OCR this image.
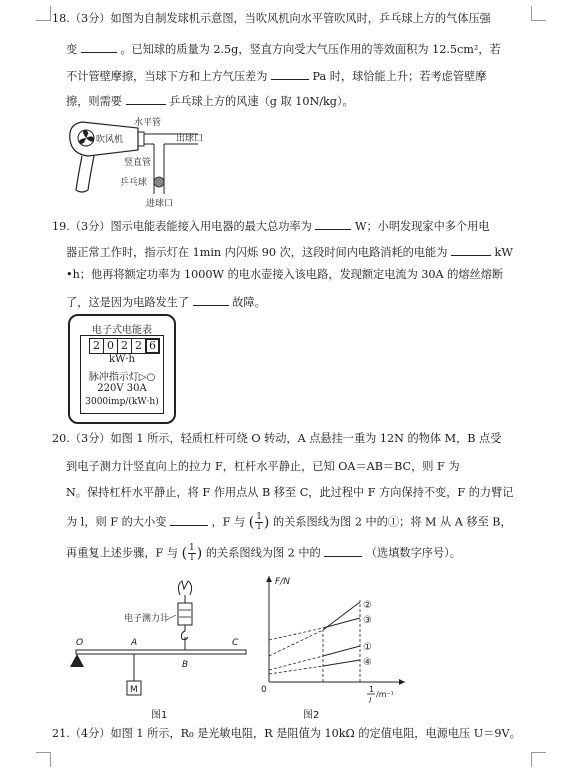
18.（3分）如图为自制发球机示意图，当吹风机向水平管吹风时，乒乓球上方的气体压强
变	。已知球的质量为 2.5g，竖直方向受大气压作用的等效面积为 12.5cm²，若
不计管壁摩擦，当球下方和上方气压差为	Pa 时，球恰能上升；若考虑管壁摩
擦，则需要	乒乓球上方的风速（g 取 10N/kg）。
水平管
吹风机	出球口
竖直管
乒乓球
进球口
19.（3分）图示电能表能接入用电器的最大总功率为	W；小明发现家中多个用电
器正常工作时，指示灯在 1min 内闪烁 90 次，这段时间内电路消耗的电能为	kW
•h；他再将额定功率为 1000W 的电水壶接入该电路，发现额定电流为 30A 的熔丝熔断
了，这是因为电路发生了	故障。
电子式电能表
2 0 2 2 6
kW·h
脉冲指示灯▷○
220V 30A
3000imp/(kW·h)
20.（3分）如图 1 所示，轻质杠杆可绕 O 转动，A 点悬挂一重为 12N 的物体 M，B 点受
到电子测力计竖直向上的拉力 F，杠杆水平静止，已知 OA＝AB＝BC，则 F 为
N。保持杠杆水平静止，将 F 作用点从 B 移至 C，此过程中 F 方向保持不变，F 的力臂记
为 l，则 F 的大小变	，F 与 ( $\frac{1}{l}$ ) 的关系图线为图 2 中的①；将 M 从 A 移至 B，
再重复上述步骤，F 与 ( $\frac{1}{l}$ ) 的关系图线为图 2 中的	（选填数字序号）。
电子测力计
M
O	A
B
C
图1
F/N
0	1
l
/m⁻¹
②
③
①
④
图2
21.（4分）如图 1 所示，R₀ 是光敏电阻，R 是阻值为 10kΩ 的定值电阻，电源电压 U＝9V。
